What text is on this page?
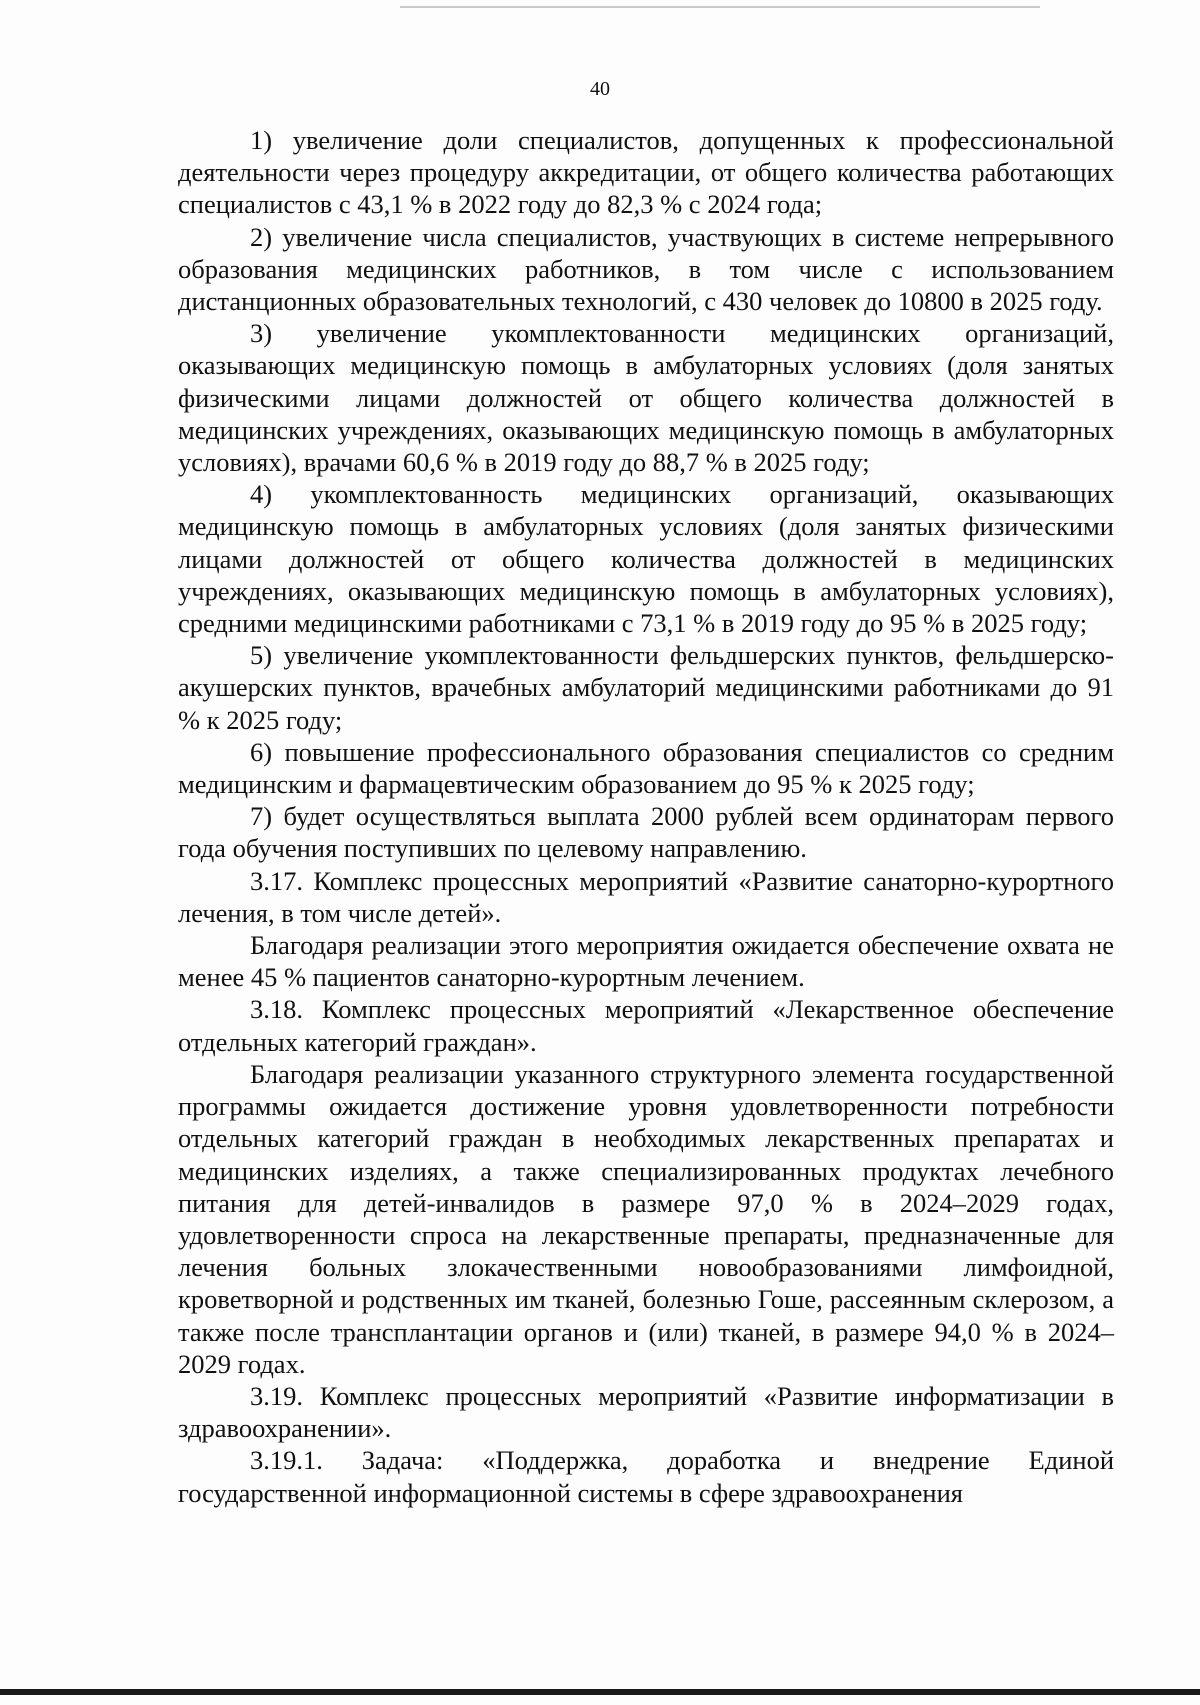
40

1) увеличение доли специалистов, допущенных к профессиональной деятельности через процедуру аккредитации, от общего количества работающих специалистов с 43,1 % в 2022 году до 82,3 % с 2024 года;

2) увеличение числа специалистов, участвующих в системе непрерывного образования медицинских работников, в том числе с использованием дистанционных образовательных технологий, с 430 человек до 10800 в 2025 году.

3) увеличение укомплектованности медицинских организаций, оказывающих медицинскую помощь в амбулаторных условиях (доля занятых физическими лицами должностей от общего количества должностей в медицинских учреждениях, оказывающих медицинскую помощь в амбулаторных условиях), врачами 60,6 % в 2019 году до 88,7 % в 2025 году;

4) укомплектованность медицинских организаций, оказывающих медицинскую помощь в амбулаторных условиях (доля занятых физическими лицами должностей от общего количества должностей в медицинских учреждениях, оказывающих медицинскую помощь в амбулаторных условиях), средними медицинскими работниками с 73,1 % в 2019 году до 95 % в 2025 году;

5) увеличение укомплектованности фельдшерских пунктов, фельдшерско-акушерских пунктов, врачебных амбулаторий медицинскими работниками до 91 % к 2025 году;

6) повышение профессионального образования специалистов со средним медицинским и фармацевтическим образованием до 95 % к 2025 году;

7) будет осуществляться выплата 2000 рублей всем ординаторам первого года обучения поступивших по целевому направлению.

3.17. Комплекс процессных мероприятий «Развитие санаторно-курортного лечения, в том числе детей».

Благодаря реализации этого мероприятия ожидается обеспечение охвата не менее 45 % пациентов санаторно-курортным лечением.

3.18. Комплекс процессных мероприятий «Лекарственное обеспечение отдельных категорий граждан».

Благодаря реализации указанного структурного элемента государственной программы ожидается достижение уровня удовлетворенности потребности отдельных категорий граждан в необходимых лекарственных препаратах и медицинских изделиях, а также специализированных продуктах лечебного питания для детей-инвалидов в размере 97,0 % в 2024–2029 годах, удовлетворенности спроса на лекарственные препараты, предназначенные для лечения больных злокачественными новообразованиями лимфоидной, кроветворной и родственных им тканей, болезнью Гоше, рассеянным склерозом, а также после трансплантации органов и (или) тканей, в размере 94,0 % в 2024–2029 годах.

3.19. Комплекс процессных мероприятий «Развитие информатизации в здравоохранении».

3.19.1. Задача: «Поддержка, доработка и внедрение Единой государственной информационной системы в сфере здравоохранения
